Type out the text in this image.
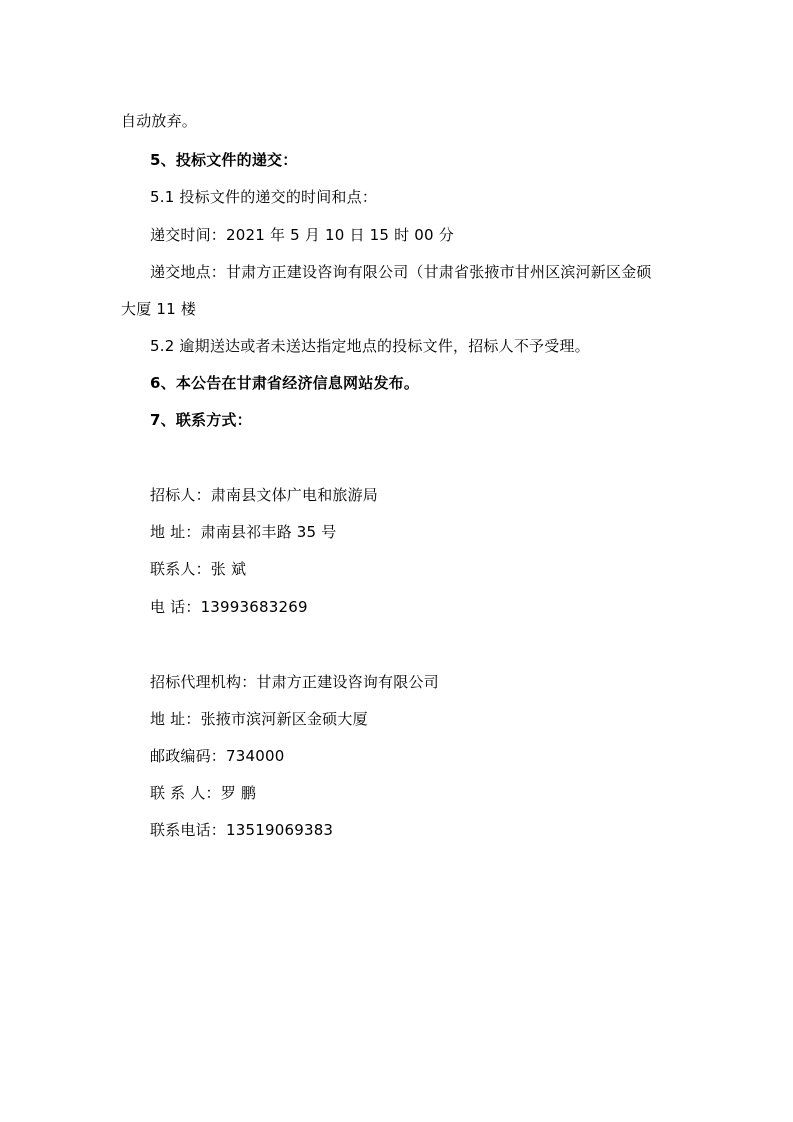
自动放弃。
5、投标文件的递交：
5.1 投标文件的递交的时间和点：
递交时间：2021 年 5 月 10 日 15 时 00 分
递交地点：甘肃方正建设咨询有限公司（甘肃省张掖市甘州区滨河新区金硕
大厦 11 楼
5.2 逾期送达或者未送达指定地点的投标文件，招标人不予受理。
6、本公告在甘肃省经济信息网站发布。
7、联系方式：
招标人：肃南县文体广电和旅游局
地 址：肃南县祁丰路 35 号
联系人：张 斌
电 话：13993683269
招标代理机构：甘肃方正建设咨询有限公司
地 址：张掖市滨河新区金硕大厦
邮政编码：734000
联 系 人：罗 鹏
联系电话：13519069383
